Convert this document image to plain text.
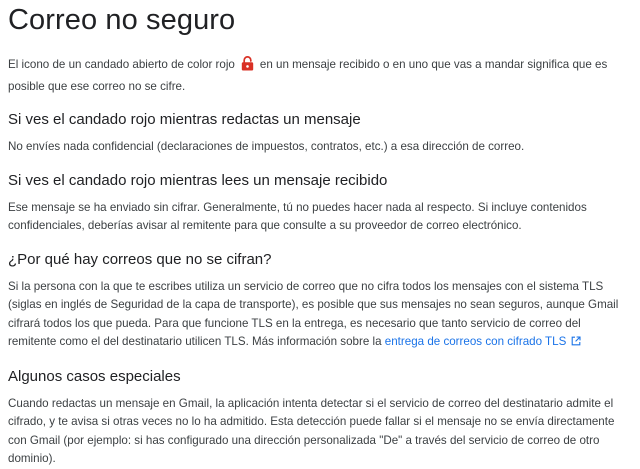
Correo no seguro

El icono de un candado abierto de color rojo en un mensaje recibido o en uno que vas a mandar significa que es posible que ese correo no se cifre.

Si ves el candado rojo mientras redactas un mensaje

No envíes nada confidencial (declaraciones de impuestos, contratos, etc.) a esa dirección de correo.

Si ves el candado rojo mientras lees un mensaje recibido

Ese mensaje se ha enviado sin cifrar. Generalmente, tú no puedes hacer nada al respecto. Si incluye contenidos confidenciales, deberías avisar al remitente para que consulte a su proveedor de correo electrónico.

¿Por qué hay correos que no se cifran?

Si la persona con la que te escribes utiliza un servicio de correo que no cifra todos los mensajes con el sistema TLS (siglas en inglés de Seguridad de la capa de transporte), es posible que sus mensajes no sean seguros, aunque Gmail cifrará todos los que pueda. Para que funcione TLS en la entrega, es necesario que tanto servicio de correo del remitente como el del destinatario utilicen TLS. Más información sobre la entrega de correos con cifrado TLS

Algunos casos especiales

Cuando redactas un mensaje en Gmail, la aplicación intenta detectar si el servicio de correo del destinatario admite el cifrado, y te avisa si otras veces no lo ha admitido. Esta detección puede fallar si el mensaje no se envía directamente con Gmail (por ejemplo: si has configurado una dirección personalizada "De" a través del servicio de correo de otro dominio).
